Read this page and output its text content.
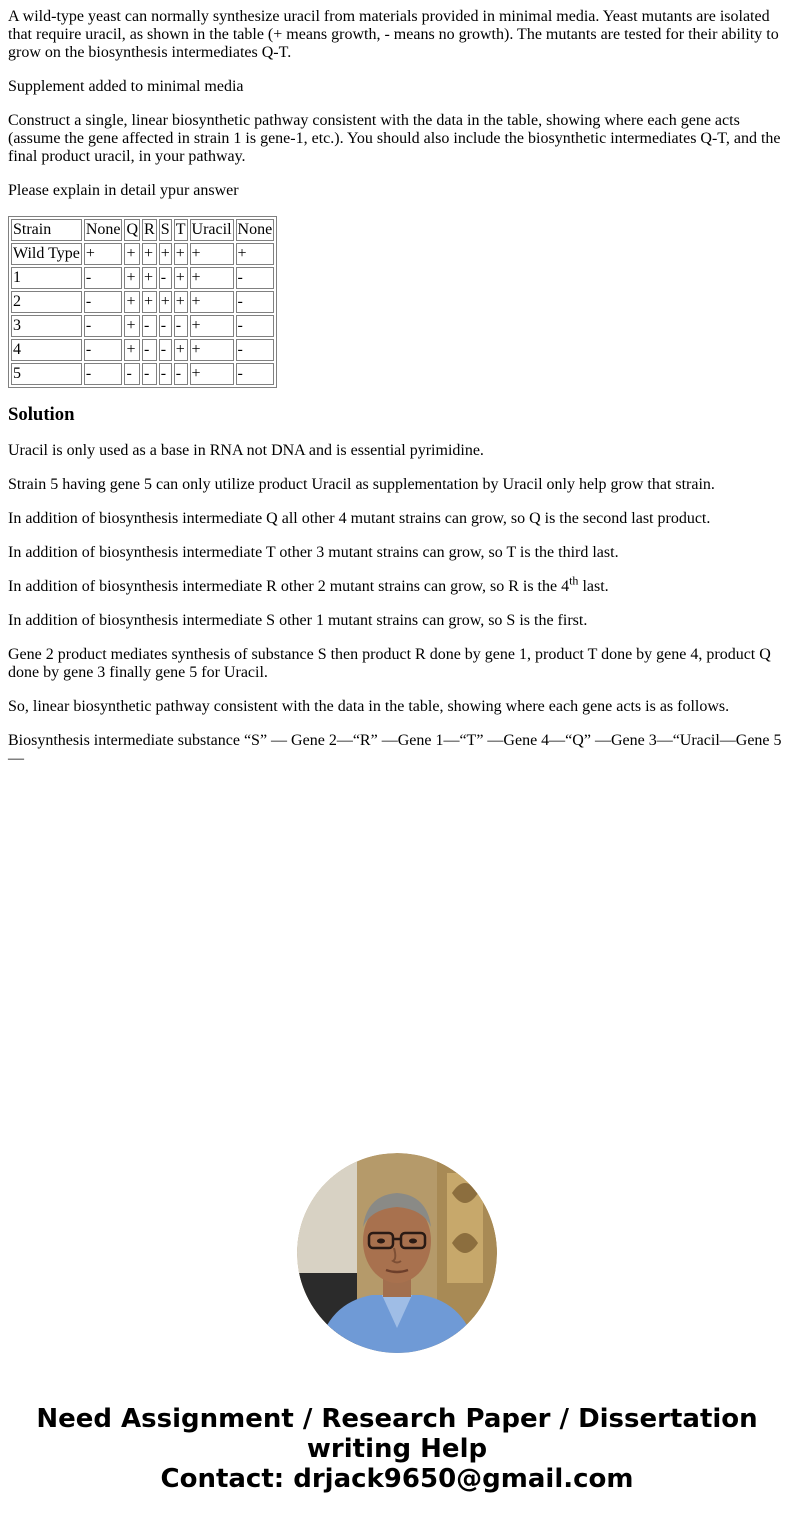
A wild-type yeast can normally synthesize uracil from materials provided in minimal media. Yeast mutants are isolated that require uracil, as shown in the table (+ means growth, - means no growth). The mutants are tested for their ability to grow on the biosynthesis intermediates Q-T.

Supplement added to minimal media

Construct a single, linear biosynthetic pathway consistent with the data in the table, showing where each gene acts (assume the gene affected in strain 1 is gene-1, etc.). You should also include the biosynthetic intermediates Q-T, and the final product uracil, in your pathway.

Please explain in detail ypur answer

Strain	None	Q	R	S	T	Uracil	None
Wild Type	+	+	+	+	+	+	+
1	-	+	+	-	+	+	-
2	-	+	+	+	+	+	-
3	-	+	-	-	-	+	-
4	-	+	-	-	+	+	-
5	-	-	-	-	-	+	-
Solution

Uracil is only used as a base in RNA not DNA and is essential pyrimidine.

Strain 5 having gene 5 can only utilize product Uracil as supplementation by Uracil only help grow that strain.

In addition of biosynthesis intermediate Q all other 4 mutant strains can grow, so Q is the second last product.

In addition of biosynthesis intermediate T other 3 mutant strains can grow, so T is the third last.

In addition of biosynthesis intermediate R other 2 mutant strains can grow, so R is the 4th last.

In addition of biosynthesis intermediate S other 1 mutant strains can grow, so S is the first.

Gene 2 product mediates synthesis of substance S then product R done by gene 1, product T done by gene 4, product Q done by gene 3 finally gene 5 for Uracil.

So, linear biosynthetic pathway consistent with the data in the table, showing where each gene acts is as follows.

Biosynthesis intermediate substance “S” — Gene 2—“R” —Gene 1—“T” —Gene 4—“Q” —Gene 3—“Uracil—Gene 5 —

Need Assignment / Research Paper / Dissertation
writing Help
Contact: drjack9650@gmail.com
